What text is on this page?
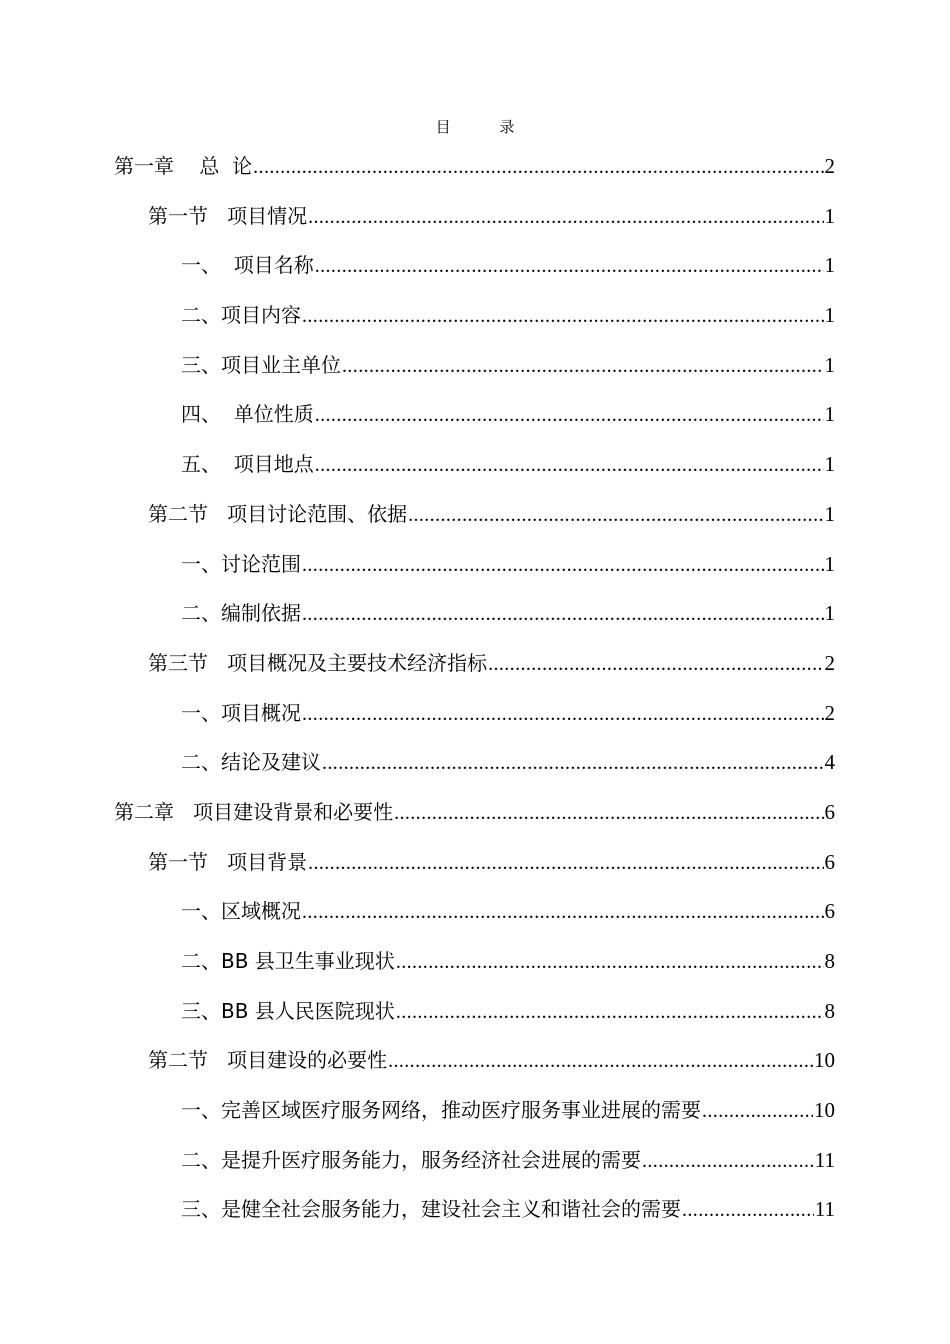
目 录
第一章    总  论 .....	2
第一节   项目情况 .....	1
一、  项目名称 .....	1
二、项目内容 .....	1
三、项目业主单位 .....	1
四、  单位性质 .....	1
五、  项目地点 .....	1
第二节   项目讨论范围、依据 .....	1
一、讨论范围 .....	1
二、编制依据 .....	1
第三节   项目概况及主要技术经济指标 .....	2
一、项目概况 .....	2
二、结论及建议 .....	4
第二章   项目建设背景和必要性 .....	6
第一节   项目背景 .....	6
一、区域概况 .....	6
二、BB 县卫生事业现状 .....	8
三、BB 县人民医院现状 .....	8
第二节   项目建设的必要性 .....	10
一、完善区域医疗服务网络，推动医疗服务事业进展的需要 .....	10
二、是提升医疗服务能力，服务经济社会进展的需要 .....	11
三、是健全社会服务能力，建设社会主义和谐社会的需要 .....	11
